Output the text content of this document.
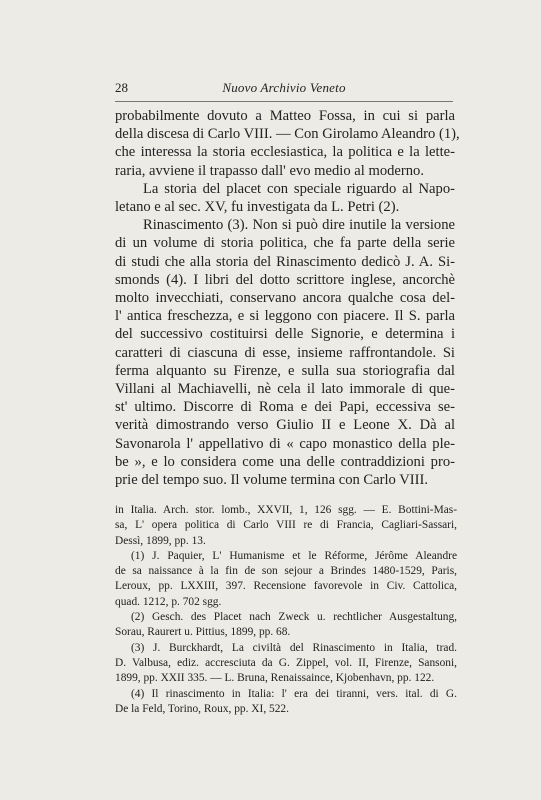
28	Nuovo Archivio Veneto
probabilmente dovuto a Matteo Fossa, in cui si parla
della discesa di Carlo VIII. — Con Girolamo Aleandro (1),
che interessa la storia ecclesiastica, la politica e la lette-
raria, avviene il trapasso dall' evo medio al moderno.
La storia del placet con speciale riguardo al Napo-
letano e al sec. XV, fu investigata da L. Petri (2).
Rinascimento (3). Non si può dire inutile la versione
di un volume di storia politica, che fa parte della serie
di studi che alla storia del Rinascimento dedicò J. A. Si-
smonds (4). I libri del dotto scrittore inglese, ancorchè
molto invecchiati, conservano ancora qualche cosa del-
l' antica freschezza, e si leggono con piacere. Il S. parla
del successivo costituirsi delle Signorie, e determina i
caratteri di ciascuna di esse, insieme raffrontandole. Si
ferma alquanto su Firenze, e sulla sua storiografia dal
Villani al Machiavelli, nè cela il lato immorale di que-
st' ultimo. Discorre di Roma e dei Papi, eccessiva se-
verità dimostrando verso Giulio II e Leone X. Dà al
Savonarola l' appellativo di « capo monastico della ple-
be », e lo considera come una delle contraddizioni pro-
prie del tempo suo. Il volume termina con Carlo VIII.
in Italia. Arch. stor. lomb., XXVII, 1, 126 sgg. — E. Bottini-Mas-
sa, L' opera politica di Carlo VIII re di Francia, Cagliari-Sassari,
Dessì, 1899, pp. 13.
(1) J. Paquier, L' Humanisme et le Réforme, Jérôme Aleandre
de sa naissance à la fin de son sejour a Brindes 1480-1529, Paris,
Leroux, pp. LXXIII, 397. Recensione favorevole in Civ. Cattolica,
quad. 1212, p. 702 sgg.
(2) Gesch. des Placet nach Zweck u. rechtlicher Ausgestaltung,
Sorau, Raurert u. Pittius, 1899, pp. 68.
(3) J. Burckhardt, La civiltà del Rinascimento in Italia, trad.
D. Valbusa, ediz. accresciuta da G. Zippel, vol. II, Firenze, Sansoni,
1899, pp. XXII 335. — L. Bruna, Renaissaince, Kjobenhavn, pp. 122.
(4) Il rinascimento in Italia: l' era dei tiranni, vers. ital. di G.
De la Feld, Torino, Roux, pp. XI, 522.
